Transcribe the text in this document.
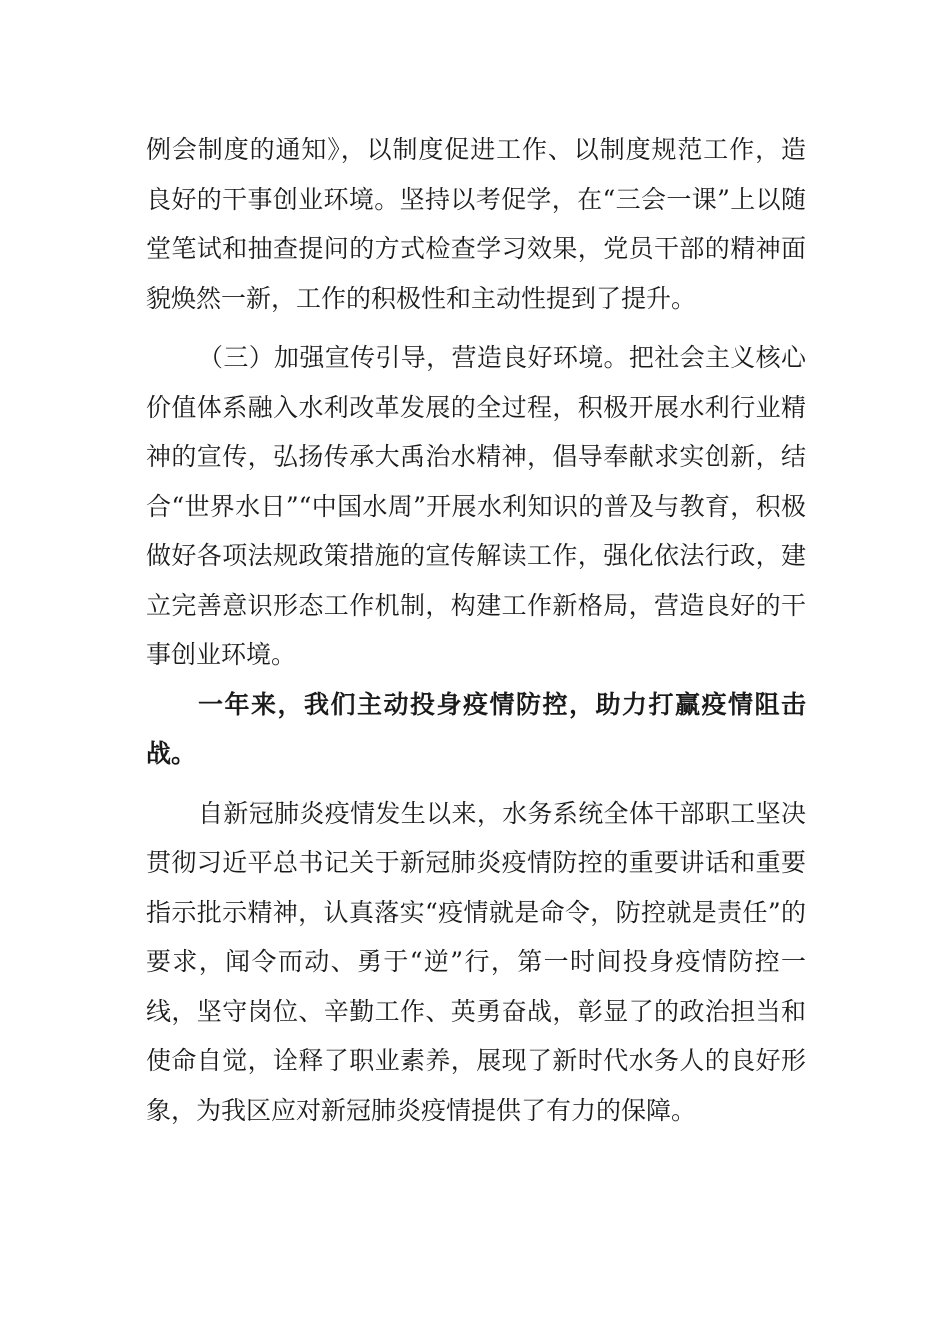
例会制度的通知》，以制度促进工作、以制度规范工作，造良好的干事创业环境。坚持以考促学，在“三会一课”上以随堂笔试和抽查提问的方式检查学习效果，党员干部的精神面貌焕然一新，工作的积极性和主动性提到了提升。

（三）加强宣传引导，营造良好环境。把社会主义核心价值体系融入水利改革发展的全过程，积极开展水利行业精神的宣传，弘扬传承大禹治水精神，倡导奉献求实创新，结合“世界水日”“中国水周”开展水利知识的普及与教育，积极做好各项法规政策措施的宣传解读工作，强化依法行政，建立完善意识形态工作机制，构建工作新格局，营造良好的干事创业环境。

一年来，我们主动投身疫情防控，助力打赢疫情阻击战。

自新冠肺炎疫情发生以来，水务系统全体干部职工坚决贯彻习近平总书记关于新冠肺炎疫情防控的重要讲话和重要指示批示精神，认真落实“疫情就是命令，防控就是责任”的要求，闻令而动、勇于“逆”行，第一时间投身疫情防控一线，坚守岗位、辛勤工作、英勇奋战，彰显了的政治担当和使命自觉，诠释了职业素养，展现了新时代水务人的良好形象，为我区应对新冠肺炎疫情提供了有力的保障。
